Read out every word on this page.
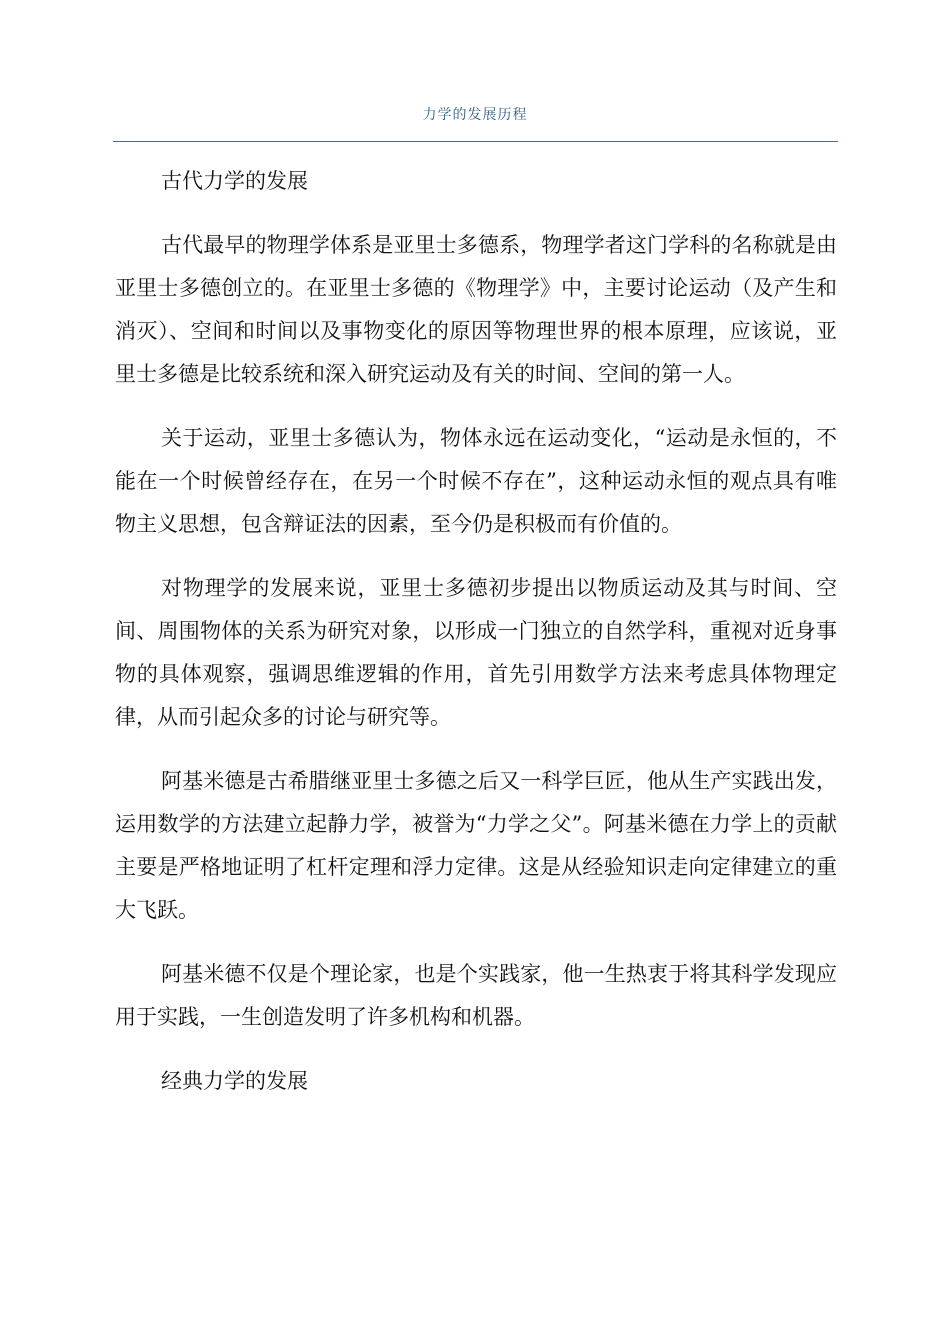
力学的发展历程

古代力学的发展

古代最早的物理学体系是亚里士多德系，物理学者这门学科的名称就是由亚里士多德创立的。在亚里士多德的《物理学》中，主要讨论运动（及产生和消灭）、空间和时间以及事物变化的原因等物理世界的根本原理，应该说，亚里士多德是比较系统和深入研究运动及有关的时间、空间的第一人。

关于运动，亚里士多德认为，物体永远在运动变化，“运动是永恒的，不能在一个时候曾经存在，在另一个时候不存在”，这种运动永恒的观点具有唯物主义思想，包含辩证法的因素，至今仍是积极而有价值的。

对物理学的发展来说，亚里士多德初步提出以物质运动及其与时间、空间、周围物体的关系为研究对象，以形成一门独立的自然学科，重视对近身事物的具体观察，强调思维逻辑的作用，首先引用数学方法来考虑具体物理定律，从而引起众多的讨论与研究等。

阿基米德是古希腊继亚里士多德之后又一科学巨匠，他从生产实践出发，运用数学的方法建立起静力学，被誉为“力学之父”。阿基米德在力学上的贡献主要是严格地证明了杠杆定理和浮力定律。这是从经验知识走向定律建立的重大飞跃。

阿基米德不仅是个理论家，也是个实践家，他一生热衷于将其科学发现应用于实践，一生创造发明了许多机构和机器。

经典力学的发展
